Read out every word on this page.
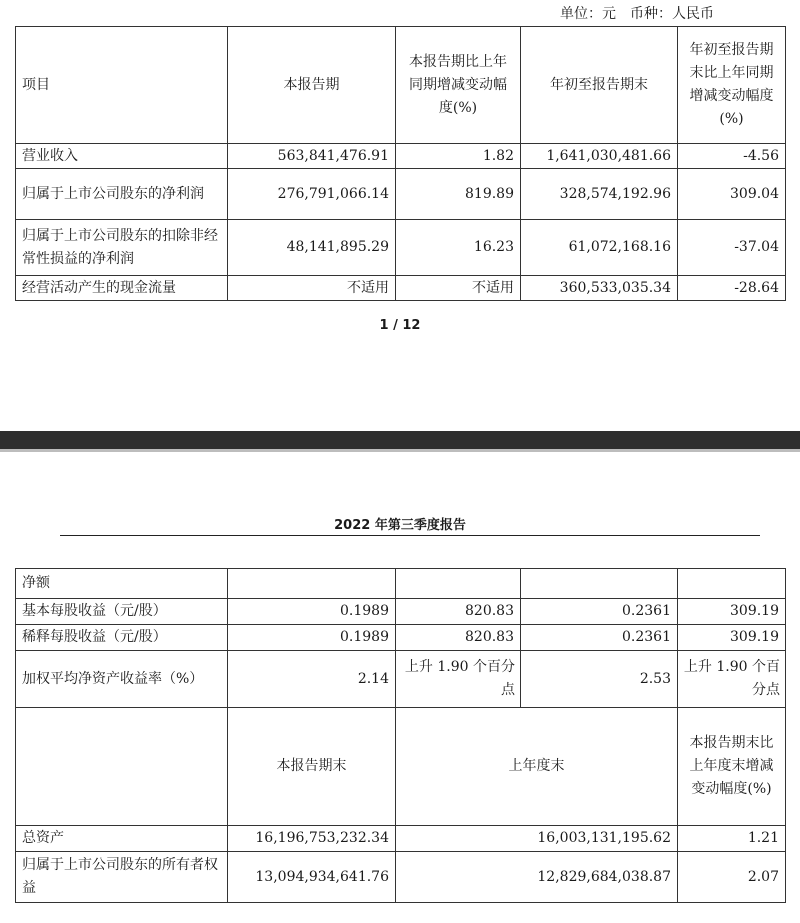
单位：元　币种：人民币
项目	本报告期	本报告期比上年同期增减变动幅度(%)	年初至报告期末	年初至报告期末比上年同期增减变动幅度(%)
营业收入	563,841,476.91	1.82	1,641,030,481.66	-4.56
归属于上市公司股东的净利润	276,791,066.14	819.89	328,574,192.96	309.04
归属于上市公司股东的扣除非经常性损益的净利润	48,141,895.29	16.23	61,072,168.16	-37.04
经营活动产生的现金流量	不适用	不适用	360,533,035.34	-28.64
1 / 12
2022 年第三季度报告
净额				
基本每股收益（元/股）	0.1989	820.83	0.2361	309.19
稀释每股收益（元/股）	0.1989	820.83	0.2361	309.19
加权平均净资产收益率（%）	2.14	上升 1.90 个百分点	2.53	上升 1.90 个百分点
	本报告期末	上年度末		本报告期末比上年度末增减变动幅度(%)
总资产	16,196,753,232.34	16,003,131,195.62		1.21
归属于上市公司股东的所有者权益	13,094,934,641.76	12,829,684,038.87		2.07
